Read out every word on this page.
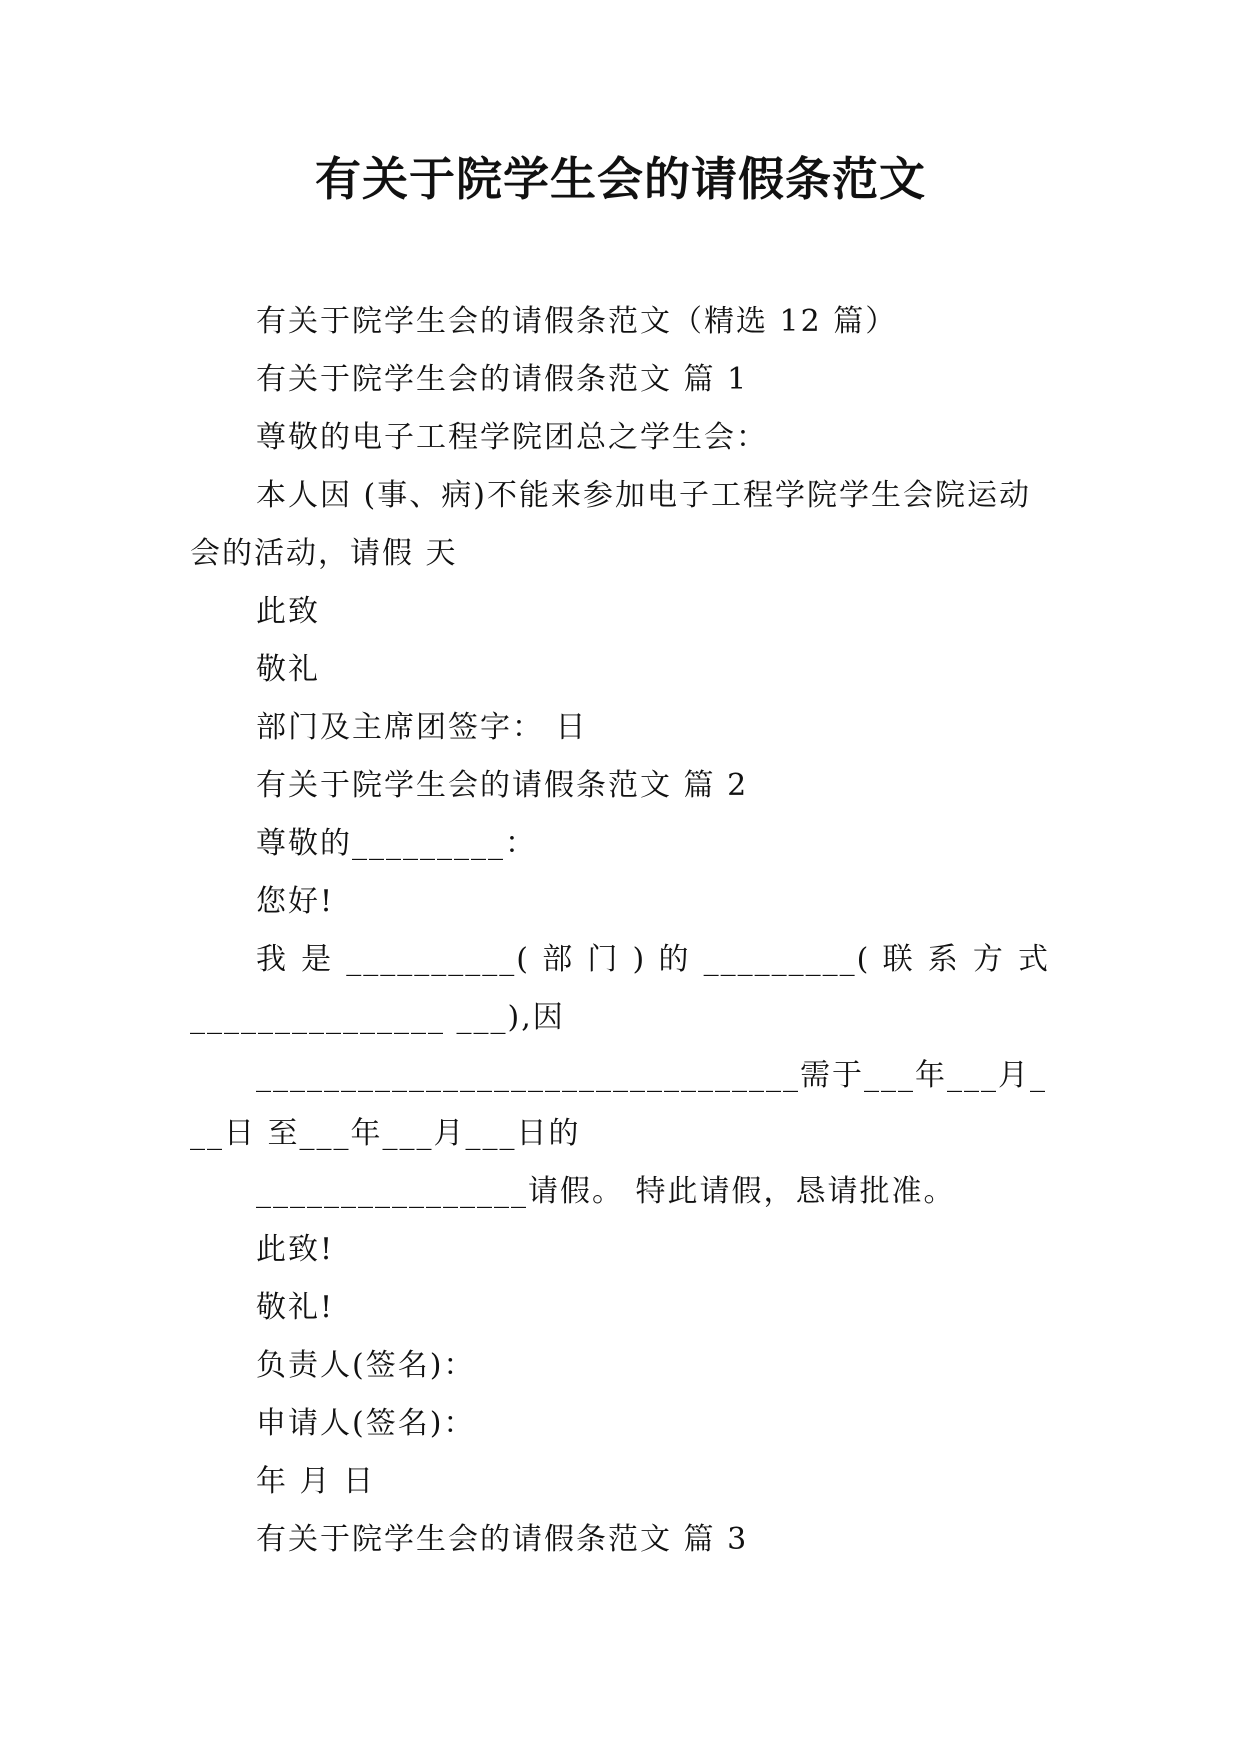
有关于院学生会的请假条范文

有关于院学生会的请假条范文（精选 12 篇）

有关于院学生会的请假条范文 篇 1

尊敬的电子工程学院团总之学生会：

本人因 (事、病)不能来参加电子工程学院学生会院运动会的活动，请假 天

此致

敬礼

部门及主席团签字： 日

有关于院学生会的请假条范文 篇 2

尊敬的_________：

您好!

我 是 __________( 部 门 ) 的 _________( 联 系 方 式

_______________ ___),因

________________________________需于___年___月___日 至___年___月___日的

________________请假。 特此请假，恳请批准。

此致!

敬礼!

负责人(签名)：

申请人(签名)：

年 月 日

有关于院学生会的请假条范文 篇 3
